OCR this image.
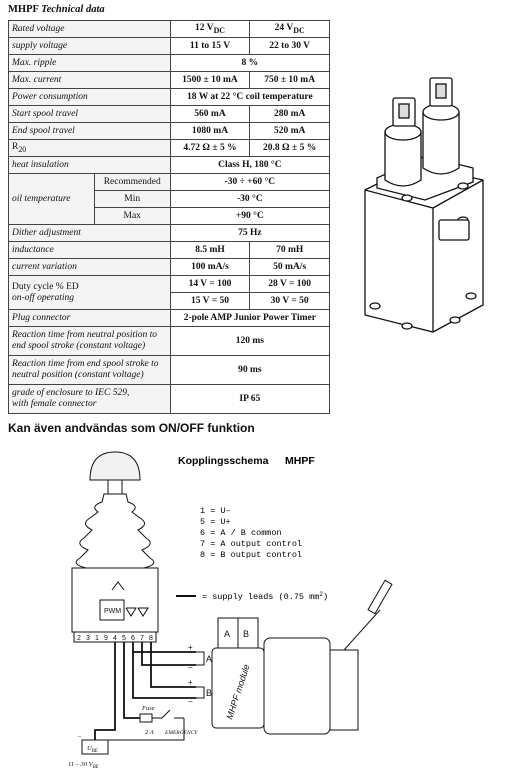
MHPF Technical data
Rated voltage		12 $V_{DC}$	24 $V_{DC}$
supply voltage		11 to 15 V	22 to 30 V
Max. ripple		8 %	
Max. current		1500 ± 10 mA	750 ± 10 mA
Power consumption		18 W at 22 °C coil temperature	
Start spool travel		560 mA	280 mA
End spool travel		1080 mA	520 mA
$R_{20}$		4.72 Ω ± 5 %	20.8 Ω ± 5 %
heat insulation		Class H, 180 °C	
oil temperature	Recommended	-30 ÷ +60 °C	
	Min	-30 °C	
	Max	+90 °C	
Dither adjustment		75 Hz	
inductance		8.5 mH	70 mH
current variation		100 mA/s	50 mA/s
Duty cycle % ED
on-off operating		14 V = 100	28 V = 100
		15 V = 50	30 V = 50
Plug connector		2-pole AMP Junior Power Timer	
Reaction time from neutral position to
end spool stroke (constant voltage)		120 ms	
Reaction time from end spool stroke to
neutral position (constant voltage)		90 ms	
grade of enclosure to IEC 529,
with female connector		IP 65	
Kan även andvändas som ON/OFF funktion
Kopplingsschema MHPF
1 = U–
5 = U+
6 = A / B common
7 = A output control
8 = B output control
= supply leads (0.75 $mm^2$)
PWM
2 3 1 9 4 5 6 7 8
Fuse
2 A EMERGENCY
$U_{BE}$
11 – 30 $V_{BE}$
–
+
–
+
–
A
B
A B
MHPF module
